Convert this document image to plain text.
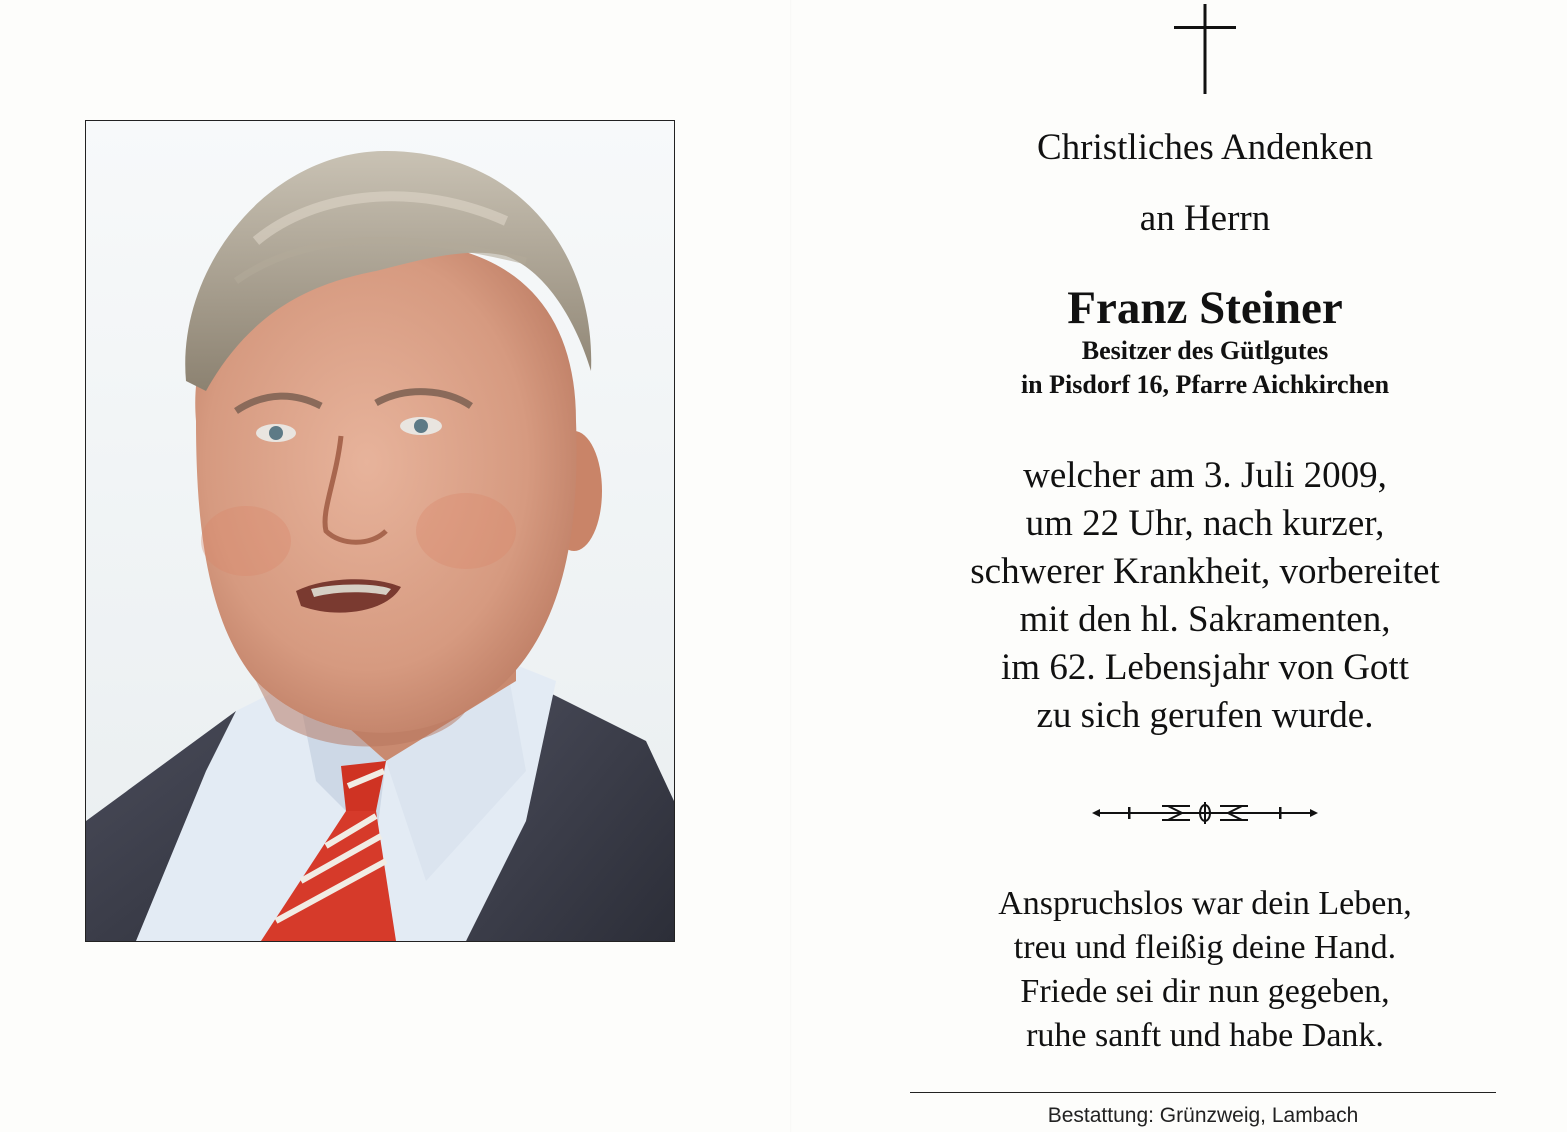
Christliches Andenken
an Herrn
Franz Steiner
Besitzer des Gütlgutes
in Pisdorf 16, Pfarre Aichkirchen
welcher am 3. Juli 2009,
um 22 Uhr, nach kurzer,
schwerer Krankheit, vorbereitet
mit den hl. Sakramenten,
im 62. Lebensjahr von Gott
zu sich gerufen wurde.
Anspruchslos war dein Leben,
treu und fleißig deine Hand.
Friede sei dir nun gegeben,
ruhe sanft und habe Dank.
Bestattung: Grünzweig, Lambach
